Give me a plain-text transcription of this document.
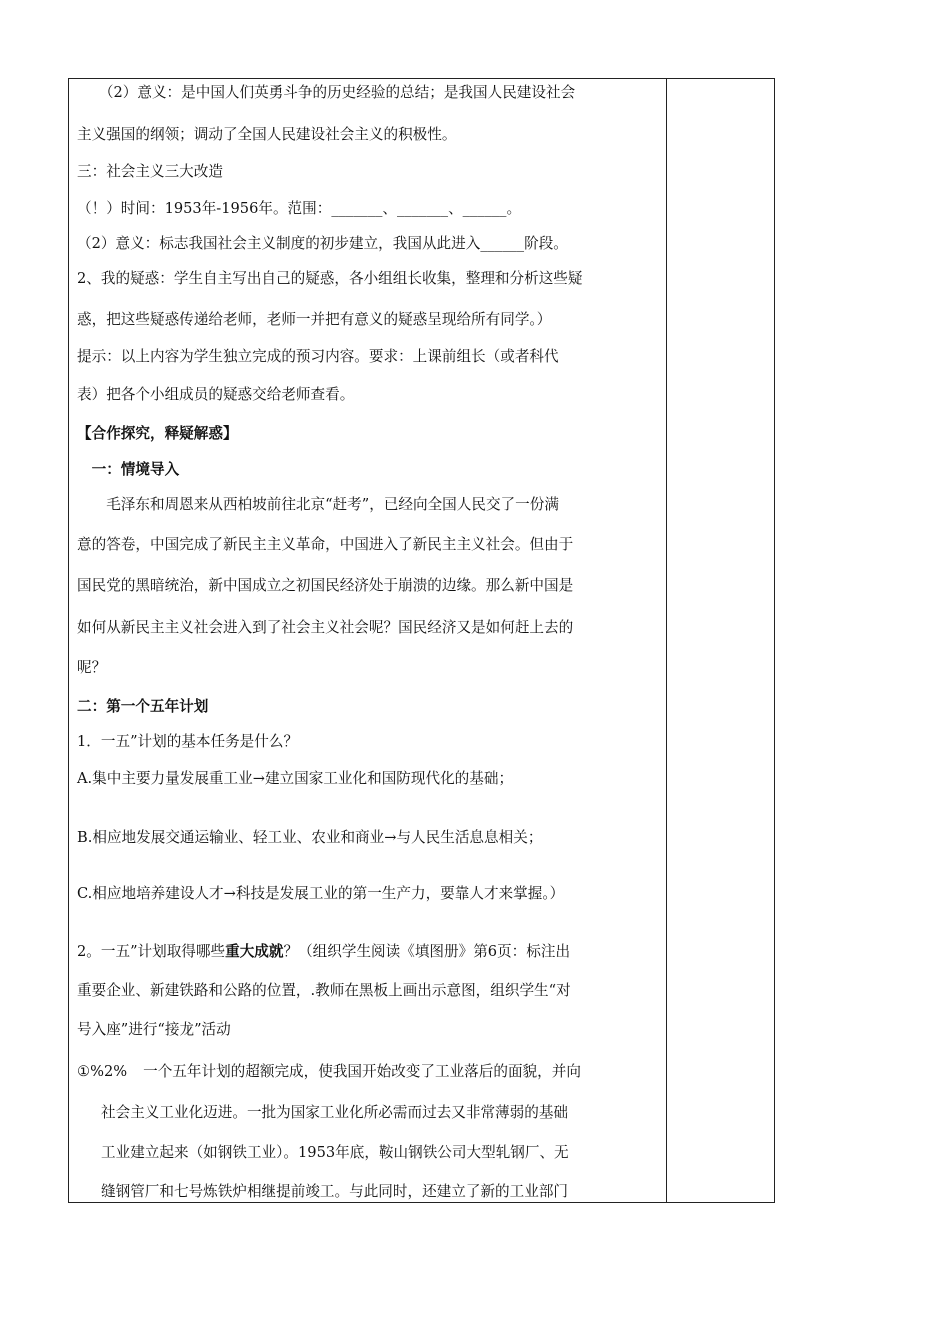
　　（2）意义：是中国人们英勇斗争的历史经验的总结；是我国人民建设社会
主义强国的纲领；调动了全国人民建设社会主义的积极性。
三：社会主义三大改造
（！）时间：1953年-1956年。范围：_______、_______、______。
（2）意义：标志我国社会主义制度的初步建立，我国从此进入______阶段。
2、我的疑惑：学生自主写出自己的疑惑，各小组组长收集，整理和分析这些疑
惑，把这些疑惑传递给老师，老师一并把有意义的疑惑呈现给所有同学。）
提示：以上内容为学生独立完成的预习内容。要求：上课前组长（或者科代
表）把各个小组成员的疑惑交给老师查看。
【合作探究，释疑解惑】
　一：情境导入
　　毛泽东和周恩来从西柏坡前往北京“赶考”，已经向全国人民交了一份满
意的答卷，中国完成了新民主主义革命，中国进入了新民主主义社会。但由于
国民党的黑暗统治，新中国成立之初国民经济处于崩溃的边缘。那么新中国是
如何从新民主主义社会进入到了社会主义社会呢？国民经济又是如何赶上去的
呢？
二：第一个五年计划
1．一五”计划的基本任务是什么？
A.集中主要力量发展重工业→建立国家工业化和国防现代化的基础；
B.相应地发展交通运输业、轻工业、农业和商业→与人民生活息息相关；
C.相应地培养建设人才→科技是发展工业的第一生产力，要靠人才来掌握。）
2。一五”计划取得哪些重大成就？（组织学生阅读《填图册》第6页：标注出
重要企业、新建铁路和公路的位置，.教师在黑板上画出示意图，组织学生“对
号入座”进行“接龙”活动
①%2% 一个五年计划的超额完成，使我国开始改变了工业落后的面貌，并向
社会主义工业化迈进。一批为国家工业化所必需而过去又非常薄弱的基础
工业建立起来（如钢铁工业）。1953年底，鞍山钢铁公司大型轧钢厂、无
缝钢管厂和七号炼铁炉相继提前竣工。与此同时，还建立了新的工业部门
